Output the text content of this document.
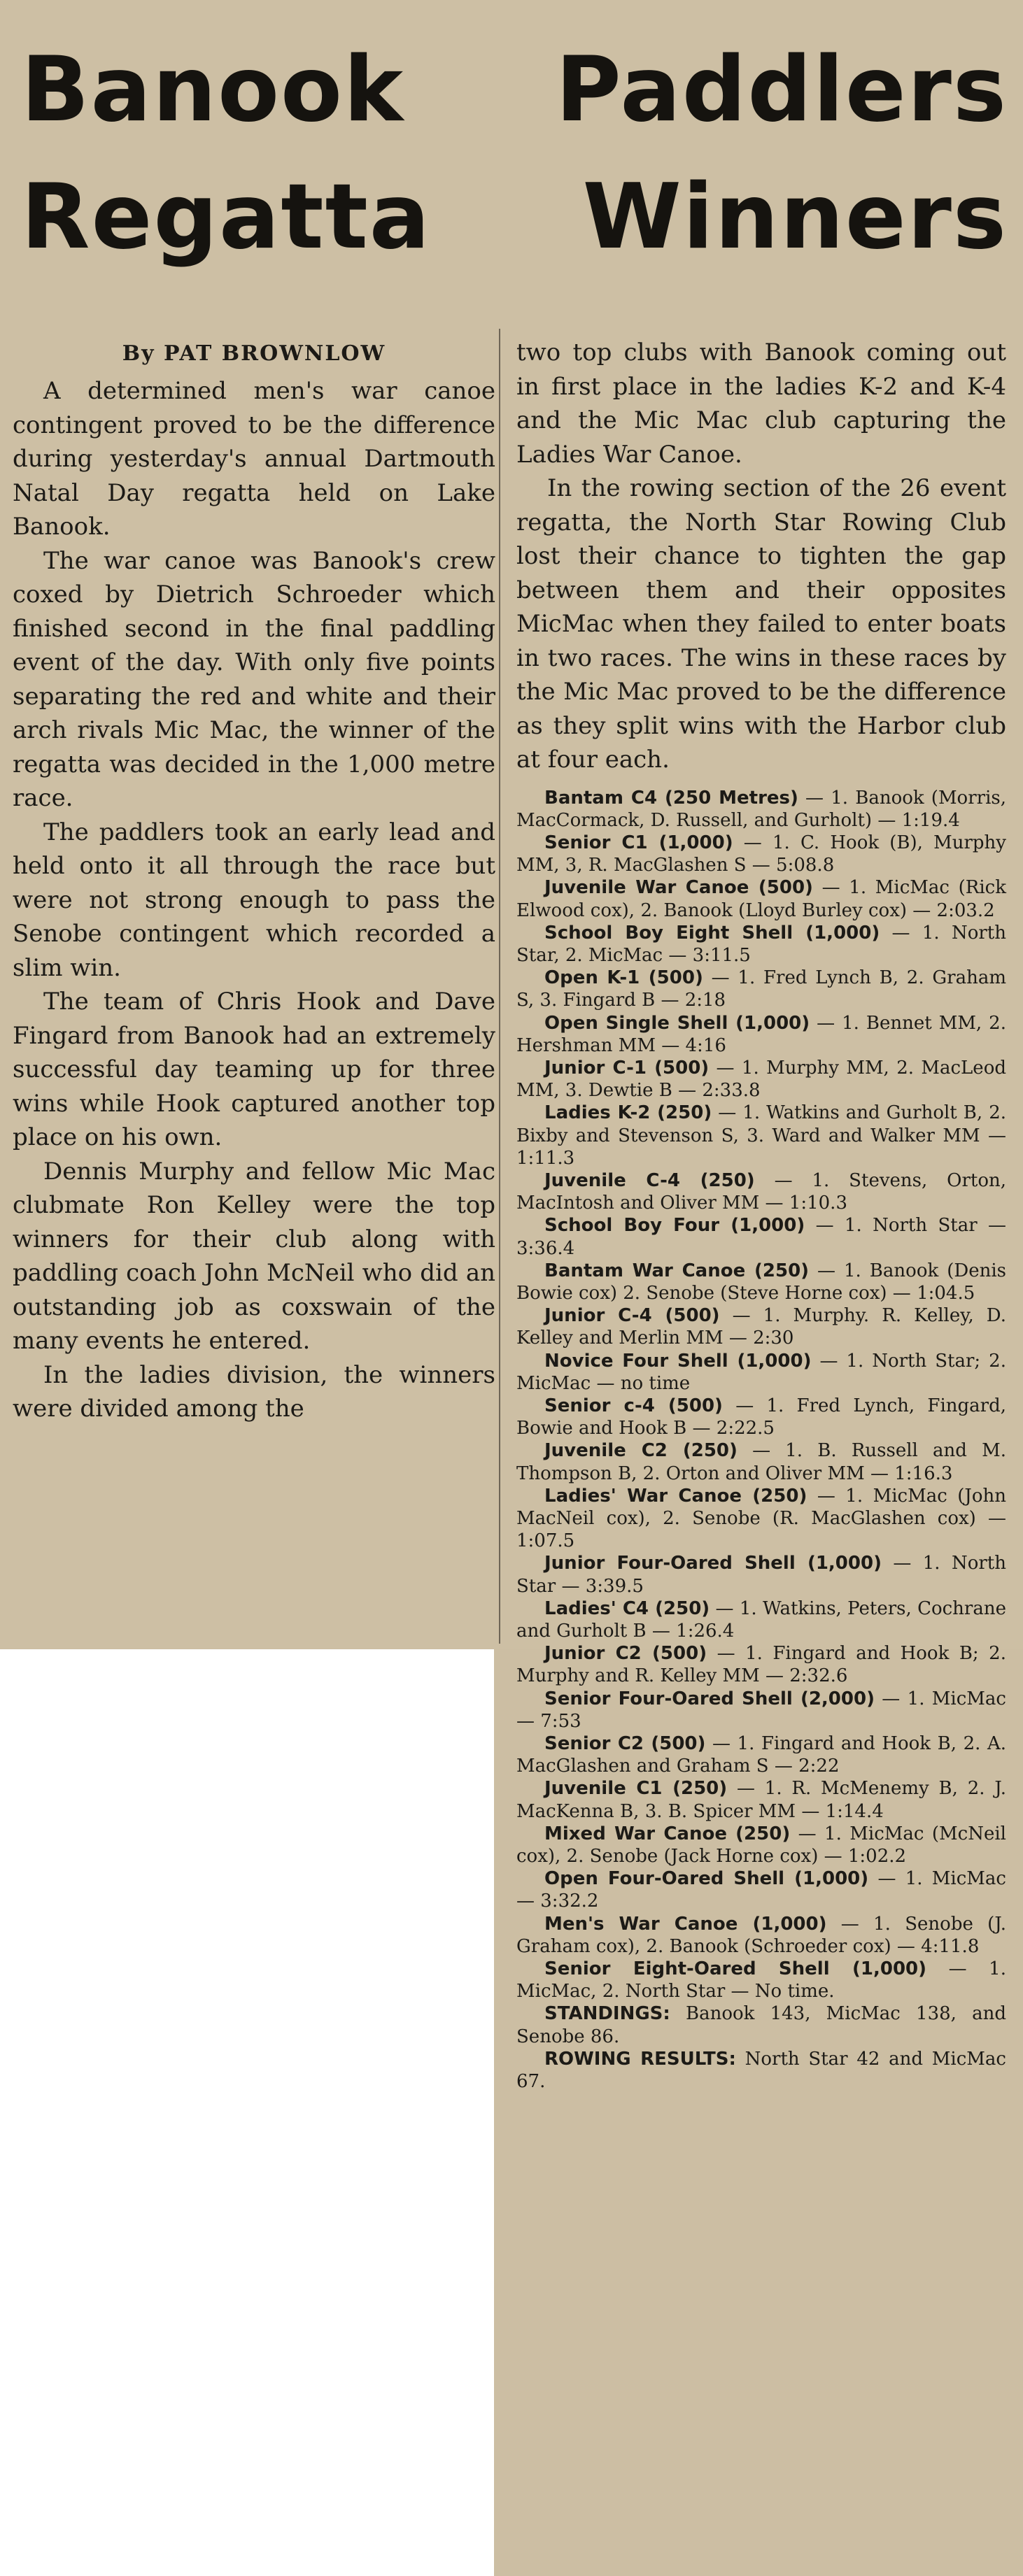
Banook Paddlers
Regatta Winners

By PAT BROWNLOW

A determined men's war canoe contingent proved to be the difference during yesterday's annual Dartmouth Natal Day regatta held on Lake Banook.

The war canoe was Banook's crew coxed by Dietrich Schroeder which finished second in the final paddling event of the day. With only five points separating the red and white and their arch rivals Mic Mac, the winner of the regatta was decided in the 1,000 metre race.

The paddlers took an early lead and held onto it all through the race but were not strong enough to pass the Senobe contingent which recorded a slim win.

The team of Chris Hook and Dave Fingard from Banook had an extremely successful day teaming up for three wins while Hook captured another top place on his own.

Dennis Murphy and fellow Mic Mac clubmate Ron Kelley were the top winners for their club along with paddling coach John McNeil who did an outstanding job as coxswain of the many events he entered.

In the ladies division, the winners were divided among the

two top clubs with Banook coming out in first place in the ladies K-2 and K-4 and the Mic Mac club capturing the Ladies War Canoe.

In the rowing section of the 26 event regatta, the North Star Rowing Club lost their chance to tighten the gap between them and their opposites MicMac when they failed to enter boats in two races. The wins in these races by the Mic Mac proved to be the difference as they split wins with the Harbor club at four each.

Bantam C4 (250 Metres) — 1. Banook (Morris, MacCormack, D. Russell, and Gurholt) — 1:19.4

Senior C1 (1,000) — 1. C. Hook (B), Murphy MM, 3, R. MacGlashen S — 5:08.8

Juvenile War Canoe (500) — 1. MicMac (Rick Elwood cox), 2. Banook (Lloyd Burley cox) — 2:03.2

School Boy Eight Shell (1,000) — 1. North Star, 2. MicMac — 3:11.5

Open K-1 (500) — 1. Fred Lynch B, 2. Graham S, 3. Fingard B — 2:18

Open Single Shell (1,000) — 1. Bennet MM, 2. Hershman MM — 4:16

Junior C-1 (500) — 1. Murphy MM, 2. MacLeod MM, 3. Dewtie B — 2:33.8

Ladies K-2 (250) — 1. Watkins and Gurholt B, 2. Bixby and Stevenson S, 3. Ward and Walker MM — 1:11.3

Juvenile C-4 (250) — 1. Stevens, Orton, MacIntosh and Oliver MM — 1:10.3

School Boy Four (1,000) — 1. North Star — 3:36.4

Bantam War Canoe (250) — 1. Banook (Denis Bowie cox) 2. Senobe (Steve Horne cox) — 1:04.5

Junior C-4 (500) — 1. Murphy. R. Kelley, D. Kelley and Merlin MM — 2:30

Novice Four Shell (1,000) — 1. North Star; 2. MicMac — no time

Senior c-4 (500) — 1. Fred Lynch, Fingard, Bowie and Hook B — 2:22.5

Juvenile C2 (250) — 1. B. Russell and M. Thompson B, 2. Orton and Oliver MM — 1:16.3

Ladies' War Canoe (250) — 1. MicMac (John MacNeil cox), 2. Senobe (R. MacGlashen cox) — 1:07.5

Junior Four-Oared Shell (1,000) — 1. North Star — 3:39.5

Ladies' C4 (250) — 1. Watkins, Peters, Cochrane and Gurholt B — 1:26.4

Junior C2 (500) — 1. Fingard and Hook B; 2. Murphy and R. Kelley MM — 2:32.6

Senior Four-Oared Shell (2,000) — 1. MicMac — 7:53

Senior C2 (500) — 1. Fingard and Hook B, 2. A. MacGlashen and Graham S — 2:22

Juvenile C1 (250) — 1. R. McMenemy B, 2. J. MacKenna B, 3. B. Spicer MM — 1:14.4

Mixed War Canoe (250) — 1. MicMac (McNeil cox), 2. Senobe (Jack Horne cox) — 1:02.2

Open Four-Oared Shell (1,000) — 1. MicMac — 3:32.2

Men's War Canoe (1,000) — 1. Senobe (J. Graham cox), 2. Banook (Schroeder cox) — 4:11.8

Senior Eight-Oared Shell (1,000) — 1. MicMac, 2. North Star — No time.

STANDINGS: Banook 143, MicMac 138, and Senobe 86.

ROWING RESULTS: North Star 42 and MicMac 67.
